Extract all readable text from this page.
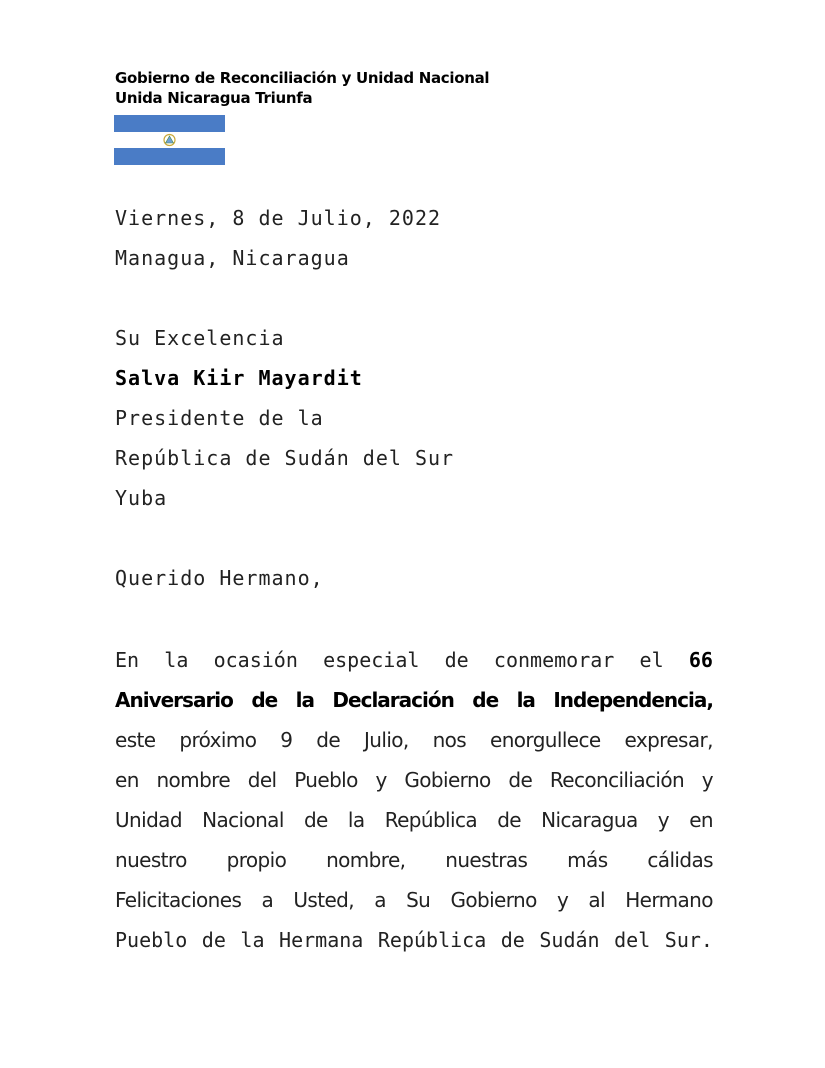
Gobierno de Reconciliación y Unidad Nacional
Unida Nicaragua Triunfa
Viernes, 8 de Julio, 2022
Managua, Nicaragua
Su Excelencia
Salva Kiir Mayardit
Presidente de la
República de Sudán del Sur
Yuba
Querido Hermano,
En la ocasión especial de conmemorar el 66
Aniversario de la Declaración de la Independencia,
este próximo 9 de Julio, nos enorgullece expresar,
en nombre del Pueblo y Gobierno de Reconciliación y
Unidad Nacional de la República de Nicaragua y en
nuestro propio nombre, nuestras más cálidas
Felicitaciones a Usted, a Su Gobierno y al Hermano
Pueblo de la Hermana República de Sudán del Sur.
